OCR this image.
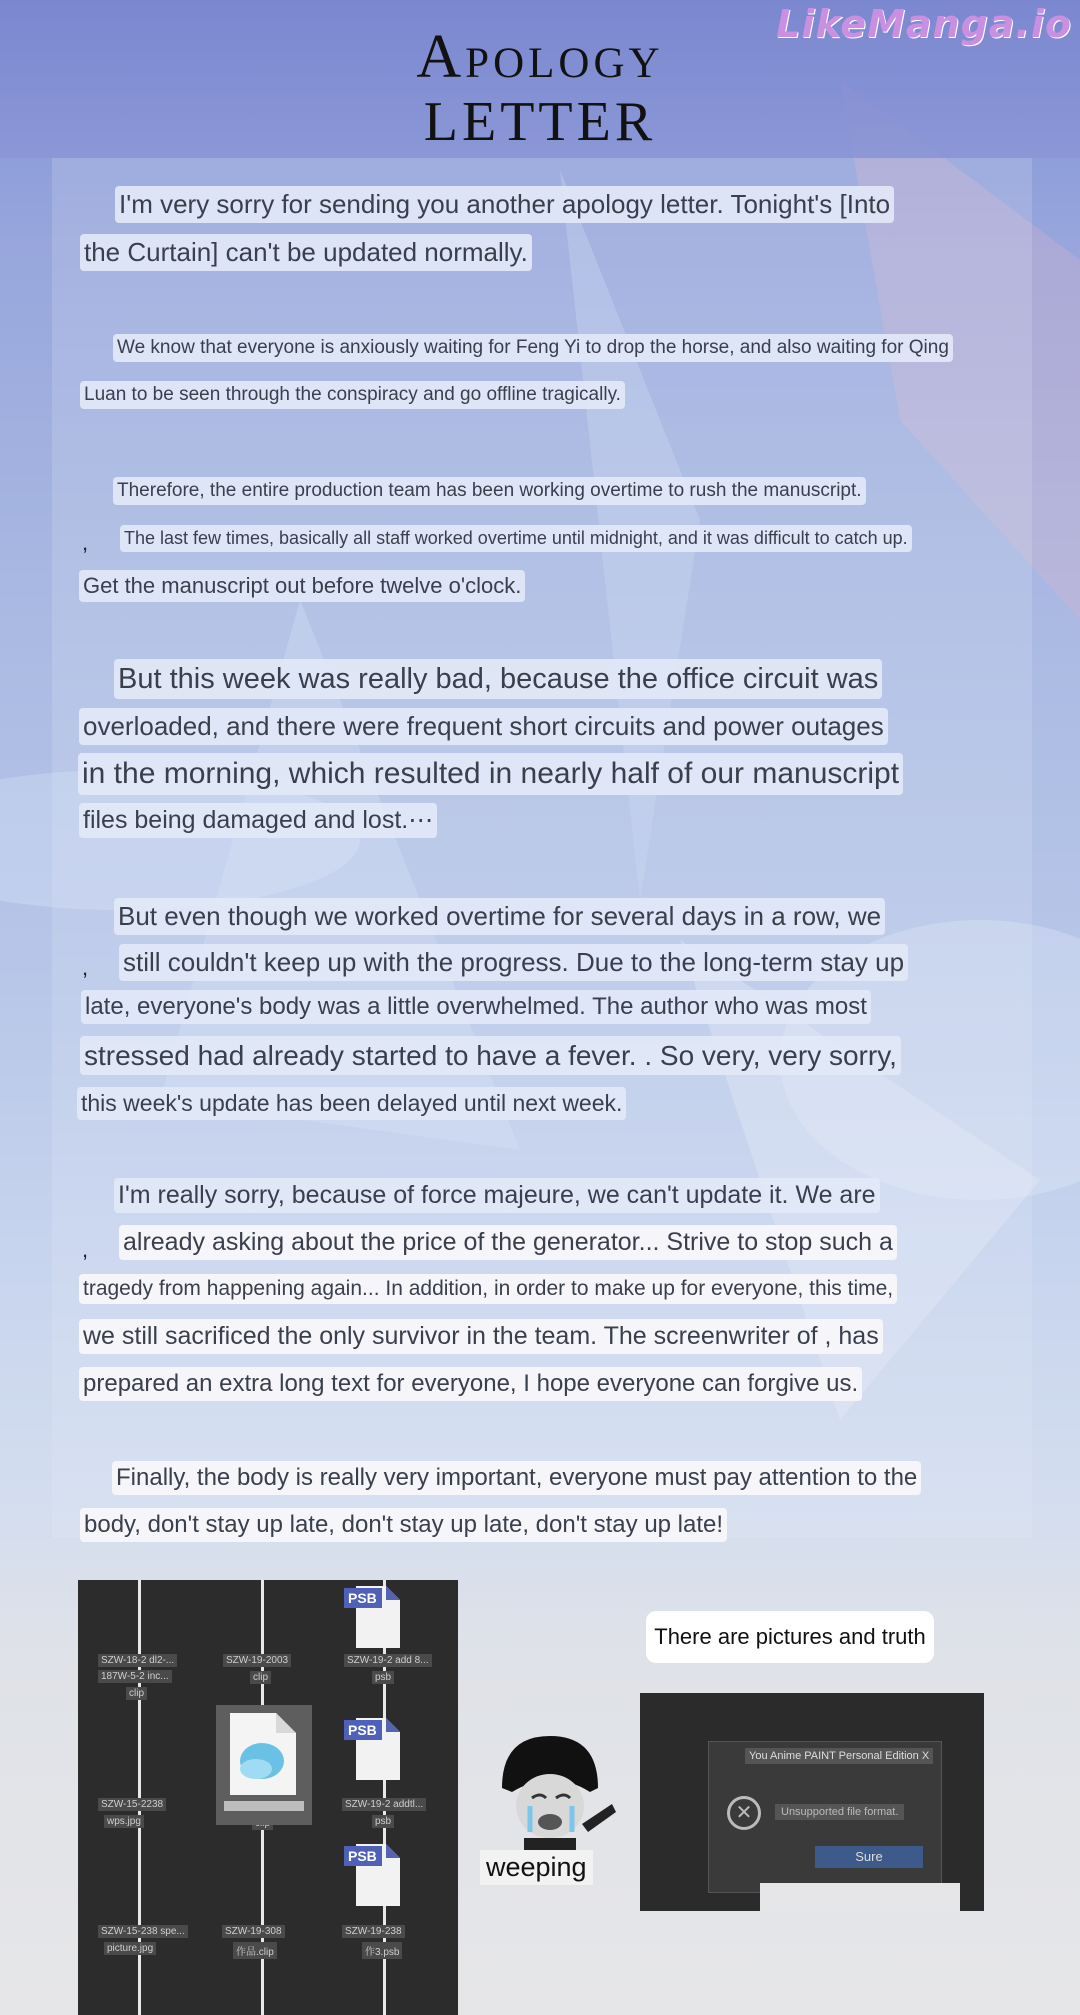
LikeManga.io
Apology
LETTER
I'm very sorry for sending you another apology letter. Tonight's [Into
the Curtain] can't be updated normally.
We know that everyone is anxiously waiting for Feng Yi to drop the horse, and also waiting for Qing
Luan to be seen through the conspiracy and go offline tragically.
Therefore, the entire production team has been working overtime to rush the manuscript.
, The last few times, basically all staff worked overtime until midnight, and it was difficult to catch up.
Get the manuscript out before twelve o'clock.
But this week was really bad, because the office circuit was
overloaded, and there were frequent short circuits and power outages
in the morning, which resulted in nearly half of our manuscript
files being damaged and lost.⋯
But even though we worked overtime for several days in a row, we
, still couldn't keep up with the progress. Due to the long-term stay up
late, everyone's body was a little overwhelmed. The author who was most
stressed had already started to have a fever. . So very, very sorry,
this week's update has been delayed until next week.
I'm really sorry, because of force majeure, we can't update it. We are
, already asking about the price of the generator... Strive to stop such a
tragedy from happening again... In addition, in order to make up for everyone, this time,
we still sacrificed the only survivor in the team. The screenwriter of , has
prepared an extra long text for everyone, I hope everyone can forgive us.
Finally, the body is really very important, everyone must pay attention to the
body, don't stay up late, don't stay up late, don't stay up late!
SZW-18-2 dl2-...
187W-5-2 inc...
clip
SZW-19-2003
clip
SZW-19-2 add 8...
psb
SZW-15-2238
wps.jpg
SZW-19-2 addtl...
psb
SZW-15-238 spe...
picture.jpg
SZW-19-308
作品.clip
SZW-19-238
作3.psb
PSB
PSB
PSB	weeping
There are pictures and truth
You Anime PAINT Personal Edition X
✕	Unsupported file format.
Sure
